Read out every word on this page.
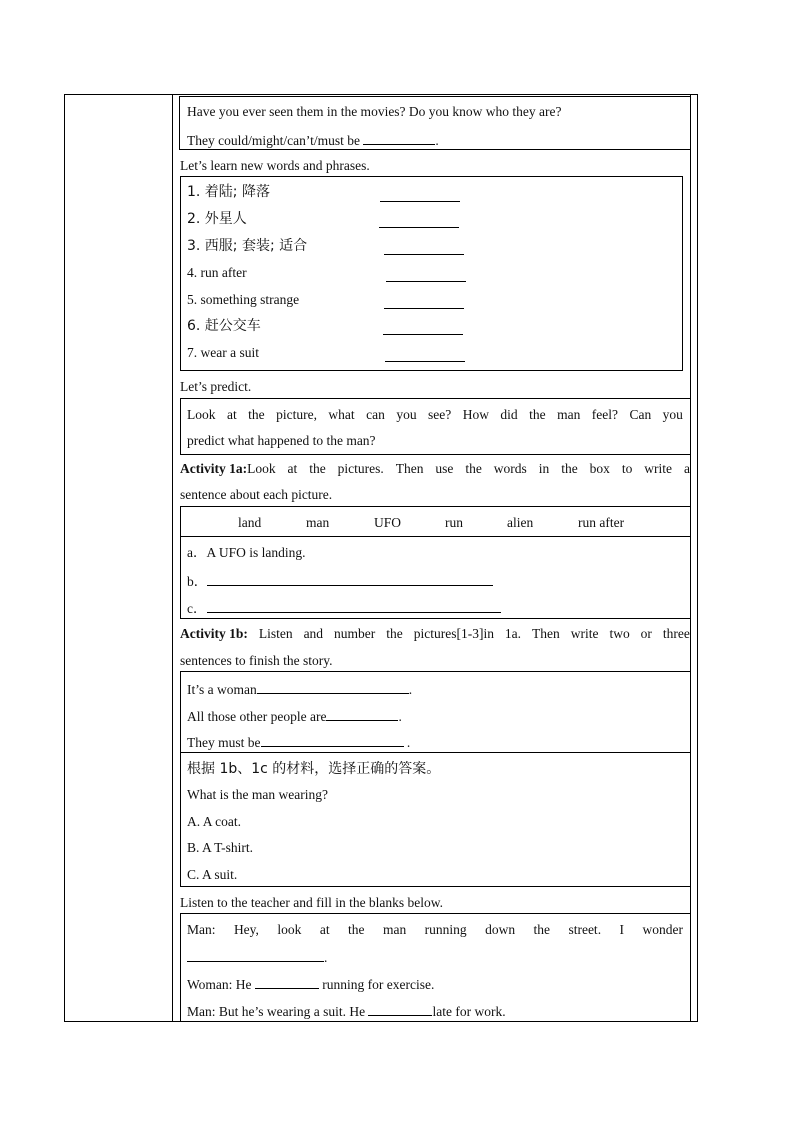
Have you ever seen them in the movies? Do you know who they are?
They could/might/can’t/must be	.
Let’s learn new words and phrases.
1. 着陆; 降落
2. 外星人
3. 西服; 套装; 适合
4. run after
5. something strange
6. 赶公交车
7. wear a suit
Let’s predict.
Look at the picture, what can you see? How did the man feel? Can you
predict what happened to the man?
Activity 1a:Look at the pictures. Then use the words in the box to write a
sentence about each picture.
land	man	UFO	run	alien	run after
a．A UFO is landing.
b．
c．
Activity 1b: Listen and number the pictures[1-3]in 1a. Then write two or three
sentences to finish the story.
It’s a woman	.
All those other people are	.
They must be	.
根据 1b、1c 的材料，选择正确的答案。
What is the man wearing?
A. A coat.
B. A T-shirt.
C. A suit.
Listen to the teacher and fill in the blanks below.
Man: Hey, look at the man running down the street. I wonder
.
Woman: He	running for exercise.
Man: But he’s wearing a suit. He	late for work.
